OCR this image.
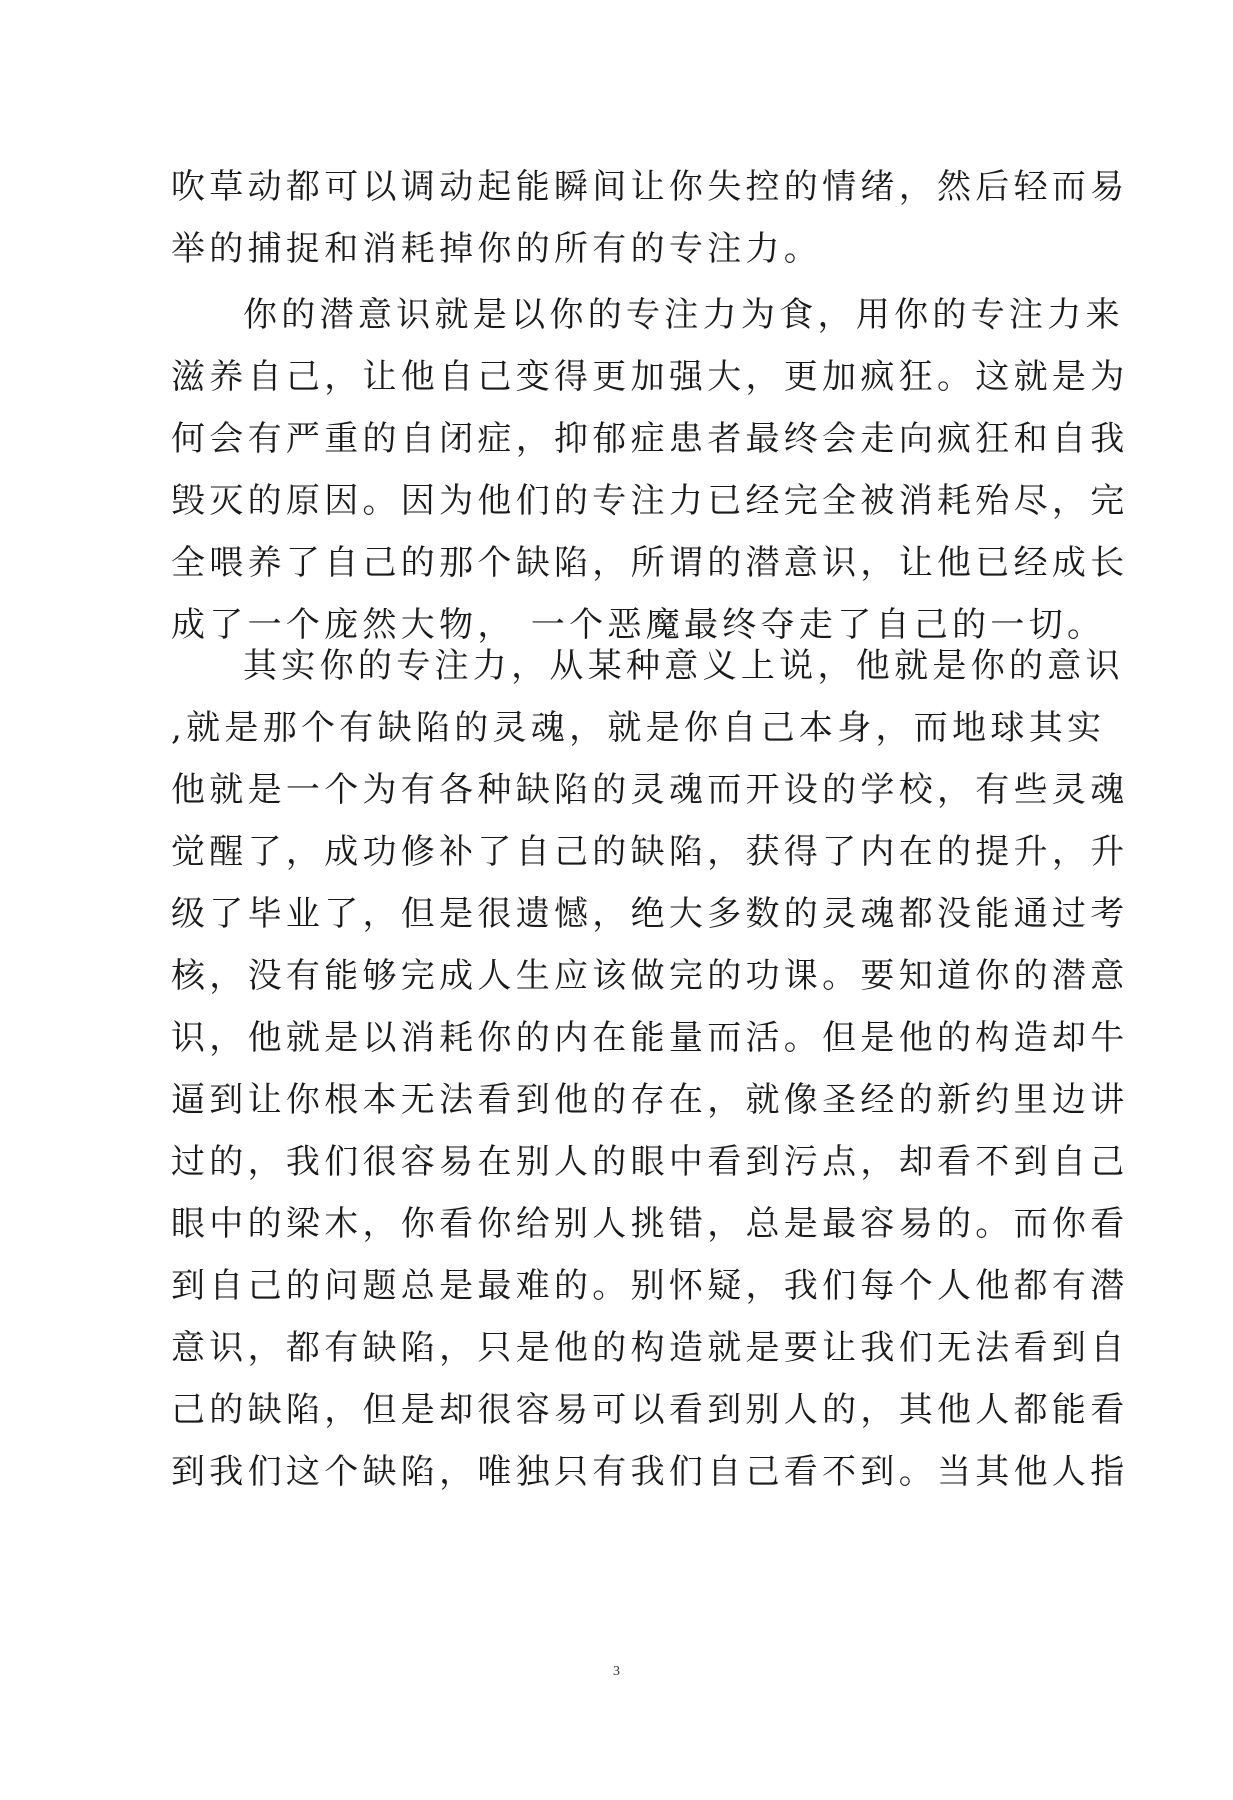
吹草动都可以调动起能瞬间让你失控的情绪，然后轻而易
举的捕捉和消耗掉你的所有的专注力。
你的潜意识就是以你的专注力为食，用你的专注力来
滋养自己，让他自己变得更加强大，更加疯狂。这就是为
何会有严重的自闭症，抑郁症患者最终会走向疯狂和自我
毁灭的原因。因为他们的专注力已经完全被消耗殆尽，完
全喂养了自己的那个缺陷，所谓的潜意识，让他已经成长
成了一个庞然大物， 一个恶魔最终夺走了自己的一切。
其实你的专注力，从某种意义上说，他就是你的意识
,就是那个有缺陷的灵魂，就是你自己本身，而地球其实
他就是一个为有各种缺陷的灵魂而开设的学校，有些灵魂
觉醒了，成功修补了自己的缺陷，获得了内在的提升，升
级了毕业了，但是很遗憾，绝大多数的灵魂都没能通过考
核，没有能够完成人生应该做完的功课。要知道你的潜意
识，他就是以消耗你的内在能量而活。但是他的构造却牛
逼到让你根本无法看到他的存在，就像圣经的新约里边讲
过的，我们很容易在别人的眼中看到污点，却看不到自己
眼中的梁木，你看你给别人挑错，总是最容易的。而你看
到自己的问题总是最难的。别怀疑，我们每个人他都有潜
意识，都有缺陷，只是他的构造就是要让我们无法看到自
己的缺陷，但是却很容易可以看到别人的，其他人都能看
到我们这个缺陷，唯独只有我们自己看不到。当其他人指
3
